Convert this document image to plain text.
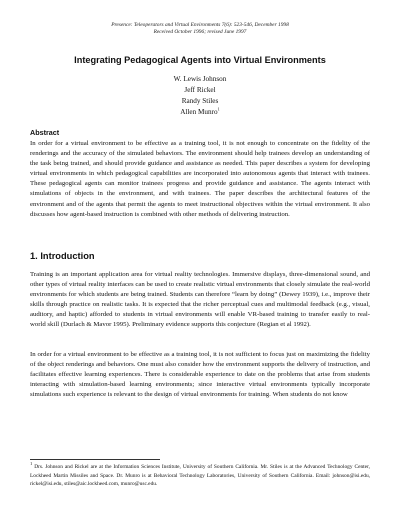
Presence: Teleoperators and Virtual Environments 7(6): 523-546, December 1998
Received October 1996; revised June 1997
Integrating Pedagogical Agents into Virtual Environments
W. Lewis Johnson
Jeff Rickel
Randy Stiles
Allen Munro$^1$
Abstract

In order for a virtual environment to be effective as a training tool, it is not enough to concentrate on the fidelity of the renderings and the accuracy of the simulated behaviors. The environment should help trainees develop an understanding of the task being trained, and should provide guidance and assistance as needed. This paper describes a system for developing virtual environments in which pedagogical capabilities are incorporated into autonomous agents that interact with trainees. These pedagogical agents can monitor trainees' progress and provide guidance and assistance. The agents interact with simulations of objects in the environment, and with trainees. The paper describes the architectural features of the environment and of the agents that permit the agents to meet instructional objectives within the virtual environment. It also discusses how agent-based instruction is combined with other methods of delivering instruction.

1. Introduction

Training is an important application area for virtual reality technologies. Immersive displays, three-dimensional sound, and other types of virtual reality interfaces can be used to create realistic virtual environments that closely simulate the real-world environments for which students are being trained. Students can therefore “learn by doing” (Dewey 1939), i.e., improve their skills through practice on realistic tasks. It is expected that the richer perceptual cues and multimodal feedback (e.g., visual, auditory, and haptic) afforded to students in virtual environments will enable VR-based training to transfer easily to real-world skill (Durlach & Mavor 1995). Preliminary evidence supports this conjecture (Regian et al 1992).

In order for a virtual environment to be effective as a training tool, it is not sufficient to focus just on maximizing the fidelity of the object renderings and behaviors. One must also consider how the environment supports the delivery of instruction, and facilitates effective learning experiences. There is considerable experience to date on the problems that arise from students interacting with simulation-based learning environments; since interactive virtual environments typically incorporate simulations such experience is relevant to the design of virtual environments for training. When students do not know

$^1$ Drs. Johnson and Rickel are at the Information Sciences Institute, University of Southern California. Mr. Stiles is at the Advanced Technology Center, Lockheed Martin Missiles and Space. Dr. Munro is at Behavioral Technology Laboratories, University of Southern California. Email: johnson@isi.edu, rickel@isi.edu, stiles@aic.lockheed.com, munro@usc.edu.
